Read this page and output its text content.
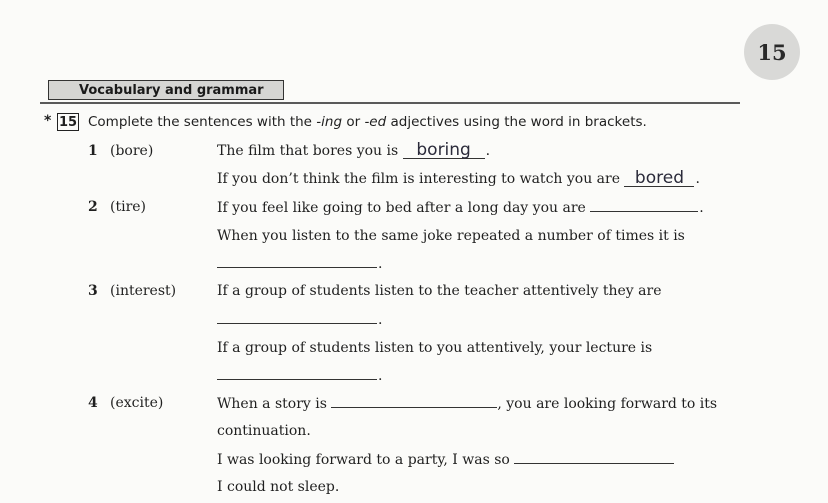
15
Vocabulary and grammar
* 15 Complete the sentences with the -ing or -ed adjectives using the word in brackets.
1 (bore)	The film that bores you is boring .
If you don’t think the film is interesting to watch you are bored .
2 (tire)	If you feel like going to bed after a long day you are	.
When you listen to the same joke repeated a number of times it is
.
3 (interest)	If a group of students listen to the teacher attentively they are
.
If a group of students listen to you attentively, your lecture is
.
4 (excite)	When a story is	, you are looking forward to its
continuation.
I was looking forward to a party, I was so
I could not sleep.
